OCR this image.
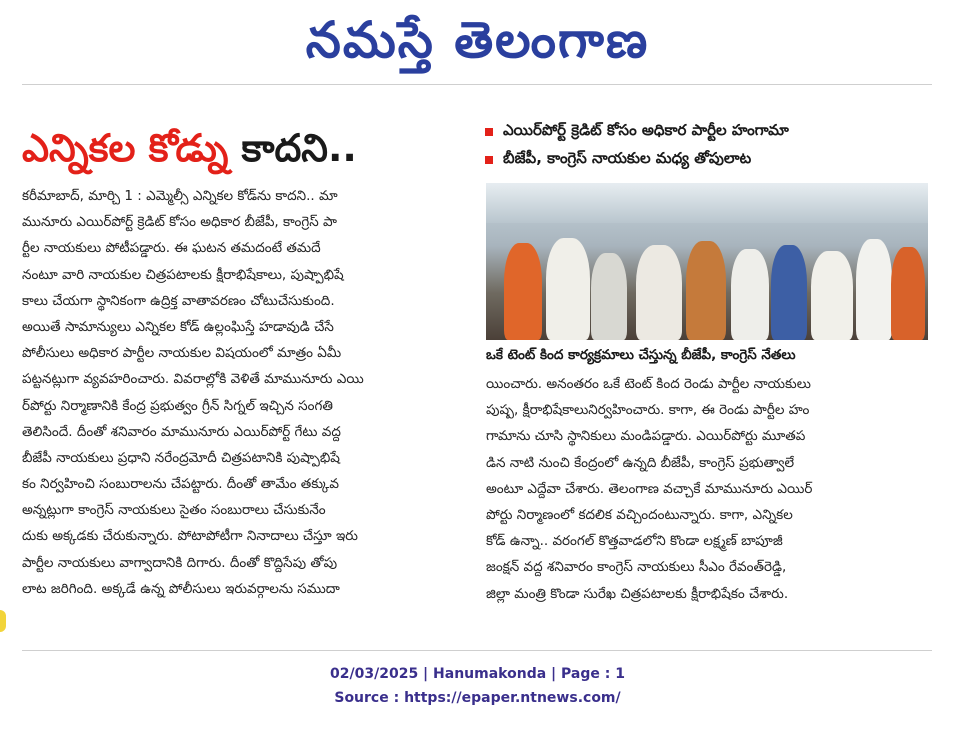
నమస్తే తెలంగాణ
ఎన్నికల కోడ్ను కాదని..	ఎయిర్‌పోర్ట్ క్రెడిట్ కోసం అధికార పార్టీల హంగామా
బీజేపీ, కాంగ్రెస్ నాయకుల మధ్య తోపులాట
ఒకే టెంట్ కింద కార్యక్రమాలు చేస్తున్న బీజేపీ, కాంగ్రెస్ నేతలు
కరీమాబాద్, మార్చి 1 : ఎమ్మెల్సీ ఎన్నికల కోడ్‌ను కాదని.. మా
మునూరు ఎయిర్‌పోర్ట్ క్రెడిట్ కోసం అధికార బీజేపీ, కాంగ్రెస్ పా
ర్టీల నాయకులు పోటీపడ్డారు. ఈ ఘటన తమదంటే తమదే
నంటూ వారి నాయకుల చిత్రపటాలకు క్షీరాభిషేకాలు, పుష్పాభిషే
కాలు చేయగా స్థానికంగా ఉద్రిక్త వాతావరణం చోటుచేసుకుంది.
అయితే సామాన్యులు ఎన్నికల కోడ్ ఉల్లంఘిస్తే హడావుడి చేసే
పోలీసులు అధికార పార్టీల నాయకుల విషయంలో మాత్రం ఏమీ
పట్టనట్లుగా వ్యవహరించారు. వివరాల్లోకి వెళితే మామునూరు ఎయి
ర్‌పోర్టు నిర్మాణానికి కేంద్ర ప్రభుత్వం గ్రీన్ సిగ్నల్ ఇచ్చిన సంగతి
తెలిసిందే. దీంతో శనివారం మామునూరు ఎయిర్‌పోర్ట్ గేటు వద్ద
బీజేపీ నాయకులు ప్రధాని నరేంద్రమోదీ చిత్రపటానికి పుష్పాభిషే
కం నిర్వహించి సంబురాలను చేపట్టారు. దీంతో తామేం తక్కువ
అన్నట్లుగా కాంగ్రెస్ నాయకులు సైతం సంబురాలు చేసుకునేం
దుకు అక్కడకు చేరుకున్నారు. పోటాపోటీగా నినాదాలు చేస్తూ ఇరు
పార్టీల నాయకులు వాగ్వాదానికి దిగారు. దీంతో కొద్దిసేపు తోపు
లాట జరిగింది. అక్కడే ఉన్న పోలీసులు ఇరువర్గాలను సముదా
యించారు. అనంతరం ఒకే టెంట్ కింద రెండు పార్టీల నాయకులు
పుష్ప, క్షీరాభిషేకాలునిర్వహించారు. కాగా, ఈ రెండు పార్టీల హం
గామాను చూసి స్థానికులు మండిపడ్డారు. ఎయిర్‌పోర్టు మూతప
డిన నాటి నుంచి కేంద్రంలో ఉన్నది బీజేపీ, కాంగ్రెస్ ప్రభుత్వాలే
అంటూ ఎద్దేవా చేశారు. తెలంగాణ వచ్చాకే మామునూరు ఎయిర్
పోర్టు నిర్మాణంలో కదలిక వచ్చిందంటున్నారు. కాగా, ఎన్నికల
కోడ్ ఉన్నా.. వరంగల్ కొత్తవాడలోని కొండా లక్ష్మణ్ బాపూజీ
జంక్షన్ వద్ద శనివారం కాంగ్రెస్ నాయకులు సీఎం రేవంత్‌రెడ్డి,
జిల్లా మంత్రి కొండా సురేఖ చిత్రపటాలకు క్షీరాభిషేకం చేశారు.
02/03/2025 | Hanumakonda | Page : 1
Source : https://epaper.ntnews.com/
